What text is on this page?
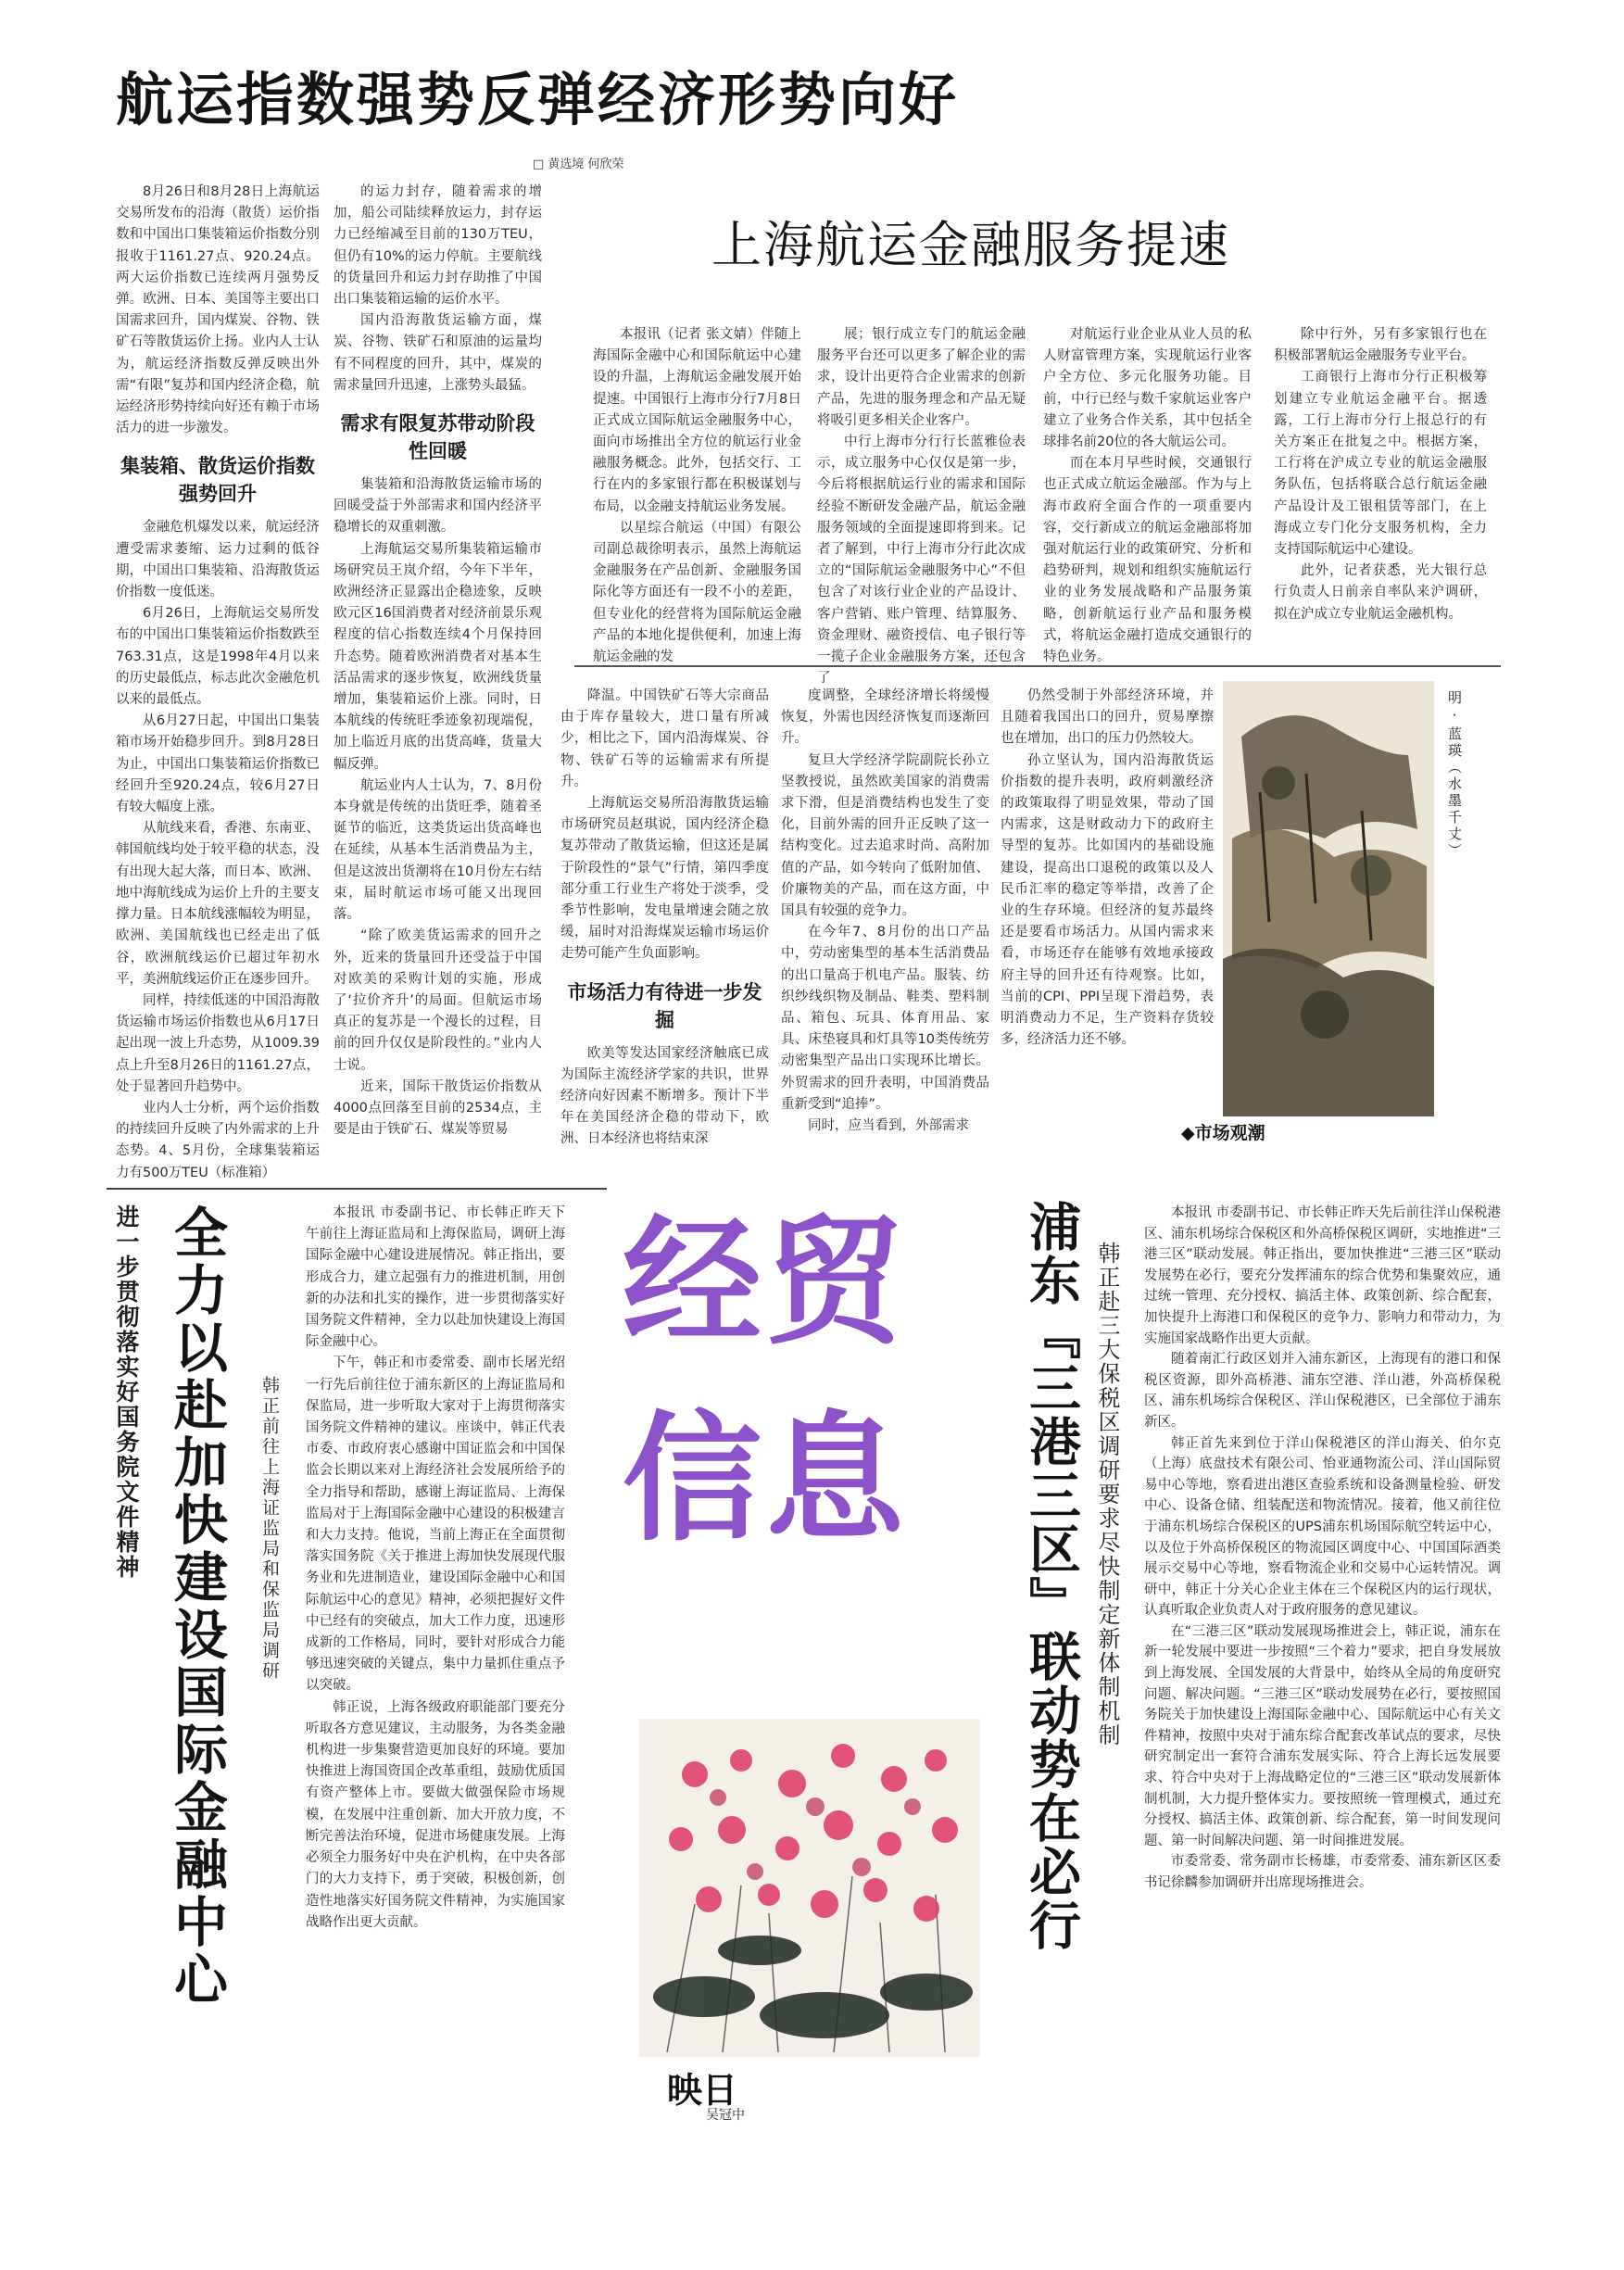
航运指数强势反弹经济形势向好
□ 黄选境 何欣荣

8月26日和8月28日上海航运交易所发布的沿海（散货）运价指数和中国出口集装箱运价指数分别报收于1161.27点、920.24点。两大运价指数已连续两月强势反弹。欧洲、日本、美国等主要出口国需求回升，国内煤炭、谷物、铁矿石等散货运价上扬。业内人士认为，航运经济指数反弹反映出外需“有限”复苏和国内经济企稳，航运经济形势持续向好还有赖于市场活力的进一步激发。

集装箱、散货运价指数强势回升

金融危机爆发以来，航运经济遭受需求萎缩、运力过剩的低谷期，中国出口集装箱、沿海散货运价指数一度低迷。

6月26日，上海航运交易所发布的中国出口集装箱运价指数跌至763.31点，这是1998年4月以来的历史最低点，标志此次金融危机以来的最低点。

从6月27日起，中国出口集装箱市场开始稳步回升。到8月28日为止，中国出口集装箱运价指数已经回升至920.24点，较6月27日有较大幅度上涨。

从航线来看，香港、东南亚、韩国航线均处于较平稳的状态，没有出现大起大落，而日本、欧洲、地中海航线成为运价上升的主要支撑力量。日本航线涨幅较为明显，欧洲、美国航线也已经走出了低谷，欧洲航线运价已超过年初水平，美洲航线运价正在逐步回升。

同样，持续低迷的中国沿海散货运输市场运价指数也从6月17日起出现一波上升态势，从1009.39点上升至8月26日的1161.27点，处于显著回升趋势中。

业内人士分析，两个运价指数的持续回升反映了内外需求的上升态势。4、5月份，全球集装箱运力有500万TEU（标准箱）

的运力封存，随着需求的增加，船公司陆续释放运力，封存运力已经缩减至目前的130万TEU，但仍有10%的运力停航。主要航线的货量回升和运力封存助推了中国出口集装箱运输的运价水平。

国内沿海散货运输方面，煤炭、谷物、铁矿石和原油的运量均有不同程度的回升，其中，煤炭的需求量回升迅速，上涨势头最猛。

需求有限复苏带动阶段性回暖

集装箱和沿海散货运输市场的回暖受益于外部需求和国内经济平稳增长的双重刺激。

上海航运交易所集装箱运输市场研究员王岚介绍，今年下半年，欧洲经济正显露出企稳迹象，反映欧元区16国消费者对经济前景乐观程度的信心指数连续4个月保持回升态势。随着欧洲消费者对基本生活品需求的逐步恢复，欧洲线货量增加，集装箱运价上涨。同时，日本航线的传统旺季迹象初现端倪，加上临近月底的出货高峰，货量大幅反弹。

航运业内人士认为，7、8月份本身就是传统的出货旺季，随着圣诞节的临近，这类货运出货高峰也在延续，从基本生活消费品为主，但是这波出货潮将在10月份左右结束，届时航运市场可能又出现回落。

“除了欧美货运需求的回升之外，近来的货量回升还受益于中国对欧美的采购计划的实施，形成了‘拉价齐升’的局面。但航运市场真正的复苏是一个漫长的过程，目前的回升仅仅是阶段性的。”业内人士说。

近来，国际干散货运价指数从4000点回落至目前的2534点，主要是由于铁矿石、煤炭等贸易

上海航运金融服务提速

本报讯（记者 张文婧）伴随上海国际金融中心和国际航运中心建设的升温，上海航运金融发展开始提速。中国银行上海市分行7月8日正式成立国际航运金融服务中心，面向市场推出全方位的航运行业金融服务概念。此外，包括交行、工行在内的多家银行都在积极谋划与布局，以金融支持航运业务发展。

以星综合航运（中国）有限公司副总裁徐明表示，虽然上海航运金融服务在产品创新、金融服务国际化等方面还有一段不小的差距，但专业化的经营将为国际航运金融产品的本地化提供便利，加速上海航运金融的发

展；银行成立专门的航运金融服务平台还可以更多了解企业的需求，设计出更符合企业需求的创新产品，先进的服务理念和产品无疑将吸引更多相关企业客户。

中行上海市分行行长蓝雅俭表示，成立服务中心仅仅是第一步，今后将根据航运行业的需求和国际经验不断研发金融产品，航运金融服务领域的全面提速即将到来。记者了解到，中行上海市分行此次成立的“国际航运金融服务中心”不但包含了对该行业企业的产品设计、客户营销、账户管理、结算服务、资金理财、融资授信、电子银行等一揽子企业金融服务方案，还包含了

对航运行业企业从业人员的私人财富管理方案，实现航运行业客户全方位、多元化服务功能。目前，中行已经与数千家航运业客户建立了业务合作关系，其中包括全球排名前20位的各大航运公司。

而在本月早些时候，交通银行也正式成立航运金融部。作为与上海市政府全面合作的一项重要内容，交行新成立的航运金融部将加强对航运行业的政策研究、分析和趋势研判，规划和组织实施航运行业的业务发展战略和产品服务策略，创新航运行业产品和服务模式，将航运金融打造成交通银行的特色业务。

除中行外，另有多家银行也在积极部署航运金融服务专业平台。

工商银行上海市分行正积极筹划建立专业航运金融平台。据透露，工行上海市分行上报总行的有关方案正在批复之中。根据方案，工行将在沪成立专业的航运金融服务队伍，包括将联合总行航运金融产品设计及工银租赁等部门，在上海成立专门化分支服务机构，全力支持国际航运中心建设。

此外，记者获悉，光大银行总行负责人日前亲自率队来沪调研，拟在沪成立专业航运金融机构。

降温。中国铁矿石等大宗商品由于库存量较大，进口量有所减少，相比之下，国内沿海煤炭、谷物、铁矿石等的运输需求有所提升。

上海航运交易所沿海散货运输市场研究员赵琪说，国内经济企稳复苏带动了散货运输，但这还是属于阶段性的“景气”行情，第四季度部分重工行业生产将处于淡季，受季节性影响，发电量增速会随之放缓，届时对沿海煤炭运输市场运价走势可能产生负面影响。

市场活力有待进一步发掘

欧美等发达国家经济触底已成为国际主流经济学家的共识，世界经济向好因素不断增多。预计下半年在美国经济企稳的带动下，欧洲、日本经济也将结束深

度调整，全球经济增长将缓慢恢复，外需也因经济恢复而逐渐回升。

复旦大学经济学院副院长孙立坚教授说，虽然欧美国家的消费需求下滑，但是消费结构也发生了变化，目前外需的回升正反映了这一结构变化。过去追求时尚、高附加值的产品，如今转向了低附加值、价廉物美的产品，而在这方面，中国具有较强的竞争力。

在今年7、8月份的出口产品中，劳动密集型的基本生活消费品的出口量高于机电产品。服装、纺织纱线织物及制品、鞋类、塑料制品、箱包、玩具、体育用品、家具、床垫寝具和灯具等10类传统劳动密集型产品出口实现环比增长。外贸需求的回升表明，中国消费品重新受到“追捧”。

同时，应当看到，外部需求

仍然受制于外部经济环境，并且随着我国出口的回升，贸易摩擦也在增加，出口的压力仍然较大。

孙立坚认为，国内沿海散货运价指数的提升表明，政府刺激经济的政策取得了明显效果，带动了国内需求，这是财政动力下的政府主导型的复苏。比如国内的基础设施建设，提高出口退税的政策以及人民币汇率的稳定等举措，改善了企业的生存环境。但经济的复苏最终还是要看市场活力。从国内需求来看，市场还存在能够有效地承接政府主导的回升还有待观察。比如，当前的CPI、PPI呈现下滑趋势，表明消费动力不足，生产资料存货较多，经济活力还不够。

明·蓝瑛（水墨千丈）
◆市场观潮
进一步贯彻落实好国务院文件精神 全力以赴加快建设国际金融中心	韩正前往上海证监局和保监局调研

本报讯 市委副书记、市长韩正昨天下午前往上海证监局和上海保监局，调研上海国际金融中心建设进展情况。韩正指出，要形成合力，建立起强有力的推进机制，用创新的办法和扎实的操作，进一步贯彻落实好国务院文件精神，全力以赴加快建设上海国际金融中心。

下午，韩正和市委常委、副市长屠光绍一行先后前往位于浦东新区的上海证监局和保监局，进一步听取大家对于上海贯彻落实国务院文件精神的建议。座谈中，韩正代表市委、市政府衷心感谢中国证监会和中国保监会长期以来对上海经济社会发展所给予的全力指导和帮助，感谢上海证监局、上海保监局对于上海国际金融中心建设的积极建言和大力支持。他说，当前上海正在全面贯彻落实国务院《关于推进上海加快发展现代服务业和先进制造业，建设国际金融中心和国际航运中心的意见》精神，必须把握好文件中已经有的突破点，加大工作力度，迅速形成新的工作格局，同时，要针对形成合力能够迅速突破的关键点，集中力量抓住重点予以突破。

韩正说，上海各级政府职能部门要充分听取各方意见建议，主动服务，为各类金融机构进一步集聚营造更加良好的环境。要加快推进上海国资国企改革重组，鼓励优质国有资产整体上市。要做大做强保险市场规模，在发展中注重创新、加大开放力度，不断完善法治环境，促进市场健康发展。上海必须全力服务好中央在沪机构，在中央各部门的大力支持下，勇于突破，积极创新，创造性地落实好国务院文件精神，为实施国家战略作出更大贡献。

经贸
信息
映日
吴冠中
浦东『三港三区』联动势在必行 韩正赴三大保税区调研要求尽快制定新体制机制

本报讯 市委副书记、市长韩正昨天先后前往洋山保税港区、浦东机场综合保税区和外高桥保税区调研，实地推进“三港三区”联动发展。韩正指出，要加快推进“三港三区”联动发展势在必行，要充分发挥浦东的综合优势和集聚效应，通过统一管理、充分授权、搞活主体、政策创新、综合配套，加快提升上海港口和保税区的竞争力、影响力和带动力，为实施国家战略作出更大贡献。

随着南汇行政区划并入浦东新区，上海现有的港口和保税区资源，即外高桥港、浦东空港、洋山港，外高桥保税区、浦东机场综合保税区、洋山保税港区，已全部位于浦东新区。

韩正首先来到位于洋山保税港区的洋山海关、伯尔克（上海）底盘技术有限公司、怡亚通物流公司、洋山国际贸易中心等地，察看进出港区查验系统和设备测量检验、研发中心、设备仓储、组装配送和物流情况。接着，他又前往位于浦东机场综合保税区的UPS浦东机场国际航空转运中心，以及位于外高桥保税区的物流园区调度中心、中国国际酒类展示交易中心等地，察看物流企业和交易中心运转情况。调研中，韩正十分关心企业主体在三个保税区内的运行现状，认真听取企业负责人对于政府服务的意见建议。

在“三港三区”联动发展现场推进会上，韩正说，浦东在新一轮发展中要进一步按照“三个着力”要求，把自身发展放到上海发展、全国发展的大背景中，始终从全局的角度研究问题、解决问题。“三港三区”联动发展势在必行，要按照国务院关于加快建设上海国际金融中心、国际航运中心有关文件精神，按照中央对于浦东综合配套改革试点的要求，尽快研究制定出一套符合浦东发展实际、符合上海长远发展要求、符合中央对于上海战略定位的“三港三区”联动发展新体制机制，大力提升整体实力。要按照统一管理模式，通过充分授权、搞活主体、政策创新、综合配套，第一时间发现问题、第一时间解决问题、第一时间推进发展。

市委常委、常务副市长杨雄，市委常委、浦东新区区委书记徐麟参加调研并出席现场推进会。
